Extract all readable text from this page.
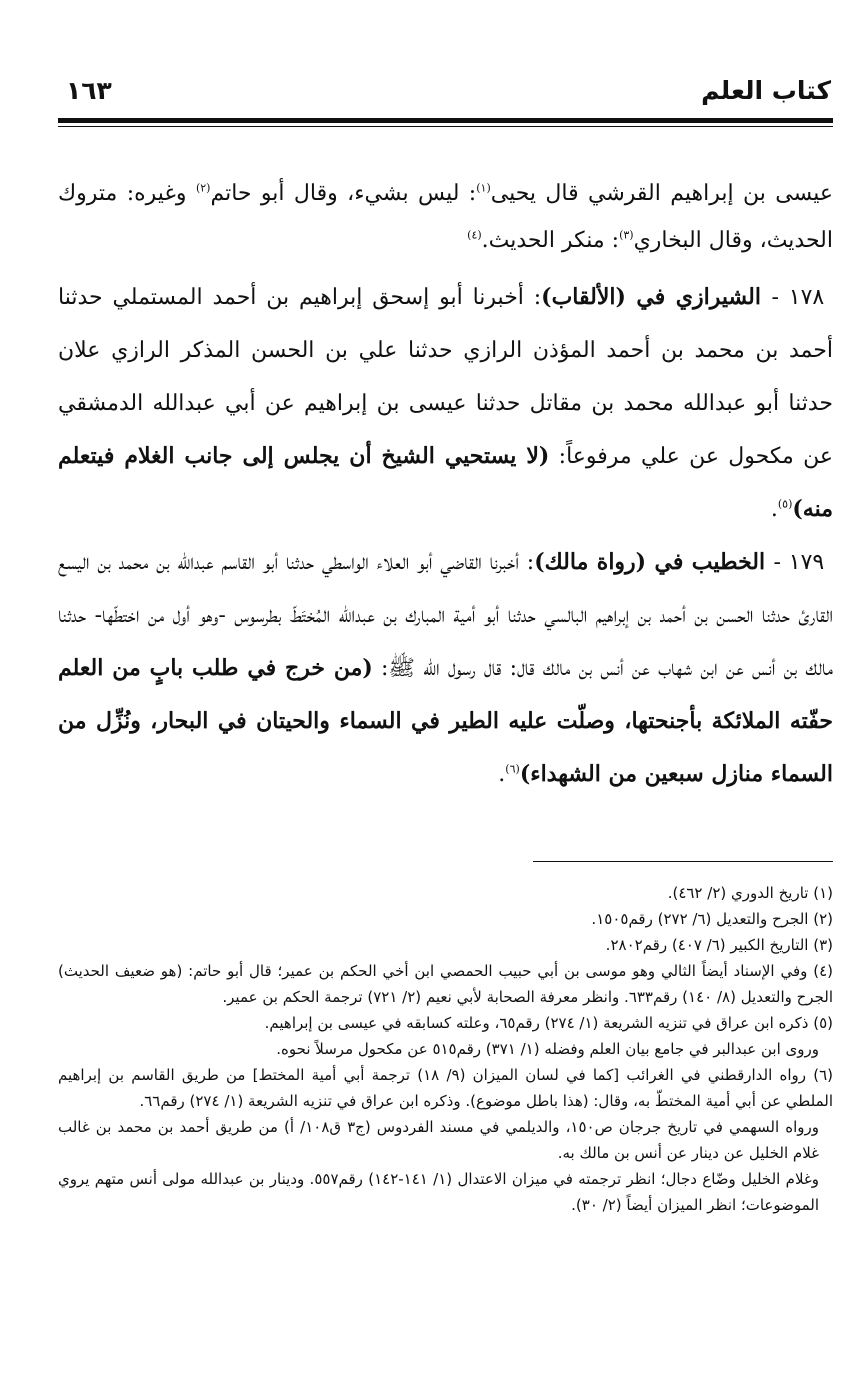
كتاب العلم
١٦٣

عيسى بن إبراهيم القرشي قال يحيى$^{(١)}$: ليس بشيء، وقال أبو حاتم$^{(٢)}$ وغيره: متروك الحديث، وقال البخاري$^{(٣)}$: منكر الحديث.$^{(٤)}$

١٧٨ - الشيرازي في (الألقاب): أخبرنا أبو إسحق إبراهيم بن أحمد المستملي حدثنا أحمد بن محمد بن أحمد المؤذن الرازي حدثنا علي بن الحسن المذكر الرازي علان حدثنا أبو عبدالله محمد بن مقاتل حدثنا عيسى بن إبراهيم عن أبي عبدالله الدمشقي عن مكحول عن علي مرفوعاً: (لا يستحيي الشيخ أن يجلس إلى جانب الغلام فيتعلم منه)$^{(٥)}$.

١٧٩ - الخطيب في (رواة مالك): أخبرنا القاضي أبو العلاء الواسطي حدثنا أبو القاسم عبدالله بن محمد بن اليسع القارئ حدثنا الحسن بن أحمد بن إبراهيم البالسي حدثنا أبو أمية المبارك بن عبدالله المُختَطّ بطرسوس -وهو أول من اختطّها- حدثنا مالك بن أنس عن ابن شهاب عن أنس بن مالك قال: قال رسول الله ﷺ: (من خرج في طلب بابٍ من العلم حفّته الملائكة بأجنحتها، وصلّت عليه الطير في السماء والحيتان في البحار، ونُزِّل من السماء منازل سبعين من الشهداء)$^{(٦)}$.

(١) تاريخ الدوري (٢/ ٤٦٢).

(٢) الجرح والتعديل (٦/ ٢٧٢) رقم١٥٠٥.

(٣) التاريخ الكبير (٦/ ٤٠٧) رقم٢٨٠٢.

(٤) وفي الإسناد أيضاً الثالي وهو موسى بن أبي حبيب الحمصي ابن أخي الحكم بن عمير؛ قال أبو حاتم: (هو ضعيف الحديث) الجرح والتعديل (٨/ ١٤٠) رقم٦٣٣. وانظر معرفة الصحابة لأبي نعيم (٢/ ٧٢١) ترجمة الحكم بن عمير.

(٥) ذكره ابن عراق في تنزيه الشريعة (١/ ٢٧٤) رقم٦٥، وعلته كسابقه في عيسى بن إبراهيم.

وروى ابن عبدالبر في جامع بيان العلم وفضله (١/ ٣٧١) رقم٥١٥ عن مكحول مرسلاً نحوه.

(٦) رواه الدارقطني في الغرائب [كما في لسان الميزان (٩/ ١٨) ترجمة أبي أمية المختط] من طريق القاسم بن إبراهيم الملطي عن أبي أمية المختطّ به، وقال: (هذا باطل موضوع). وذكره ابن عراق في تنزيه الشريعة (١/ ٢٧٤) رقم٦٦.

ورواه السهمي في تاريخ جرجان ص١٥٠، والديلمي في مسند الفردوس (ج٣ ق١٠٨/ أ) من طريق أحمد بن محمد بن غالب غلام الخليل عن دينار عن أنس بن مالك به.

وغلام الخليل وضّاع دجال؛ انظر ترجمته في ميزان الاعتدال (١/ ١٤١-١٤٢) رقم٥٥٧. ودينار بن عبدالله مولى أنس متهم يروي الموضوعات؛ انظر الميزان أيضاً (٢/ ٣٠).
